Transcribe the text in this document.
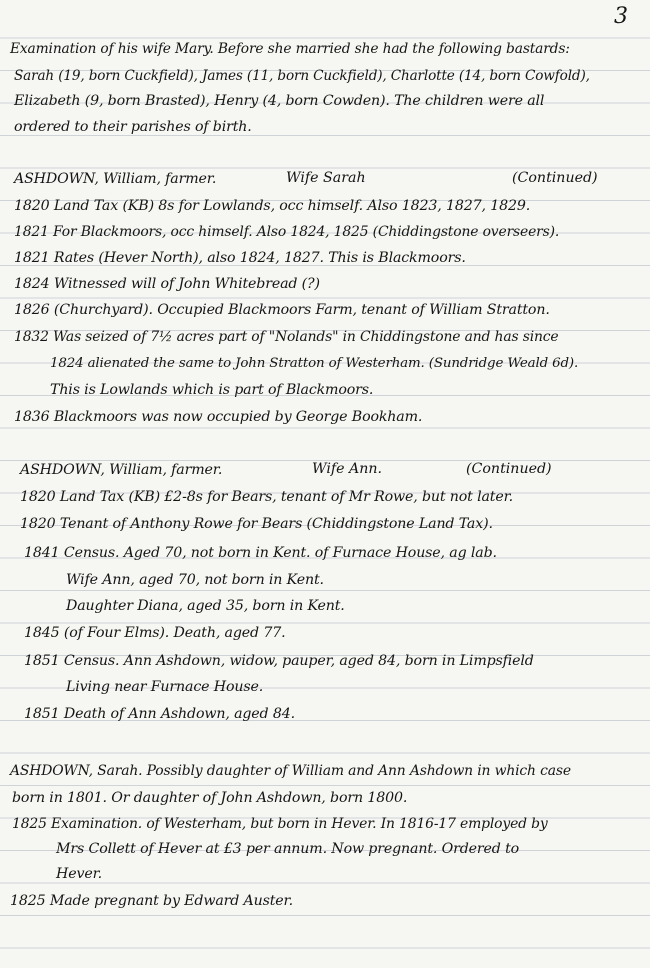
3
Examination of his wife Mary. Before she married she had the following bastards:
Sarah (19, born Cuckfield), James (11, born Cuckfield), Charlotte (14, born Cowfold),
Elizabeth (9, born Brasted), Henry (4, born Cowden). The children were all
ordered to their parishes of birth.
ASHDOWN, William, farmer.	Wife Sarah	(Continued)
1820 Land Tax (KB) 8s for Lowlands, occ himself. Also 1823, 1827, 1829.
1821 For Blackmoors, occ himself. Also 1824, 1825 (Chiddingstone overseers).
1821 Rates (Hever North), also 1824, 1827. This is Blackmoors.
1824 Witnessed will of John Whitebread (?)
1826 (Churchyard). Occupied Blackmoors Farm, tenant of William Stratton.
1832 Was seized of 7½ acres part of "Nolands" in Chiddingstone and has since
1824 alienated the same to John Stratton of Westerham. (Sundridge Weald 6d).
This is Lowlands which is part of Blackmoors.
1836 Blackmoors was now occupied by George Bookham.
ASHDOWN, William, farmer.	Wife Ann.	(Continued)
1820 Land Tax (KB) £2-8s for Bears, tenant of Mr Rowe, but not later.
1820 Tenant of Anthony Rowe for Bears (Chiddingstone Land Tax).
1841 Census. Aged 70, not born in Kent. of Furnace House, ag lab.
Wife Ann, aged 70, not born in Kent.
Daughter Diana, aged 35, born in Kent.
1845 (of Four Elms). Death, aged 77.
1851 Census. Ann Ashdown, widow, pauper, aged 84, born in Limpsfield
Living near Furnace House.
1851 Death of Ann Ashdown, aged 84.
ASHDOWN, Sarah. Possibly daughter of William and Ann Ashdown in which case
born in 1801. Or daughter of John Ashdown, born 1800.
1825 Examination. of Westerham, but born in Hever. In 1816-17 employed by
Mrs Collett of Hever at £3 per annum. Now pregnant. Ordered to
Hever.
1825 Made pregnant by Edward Auster.
